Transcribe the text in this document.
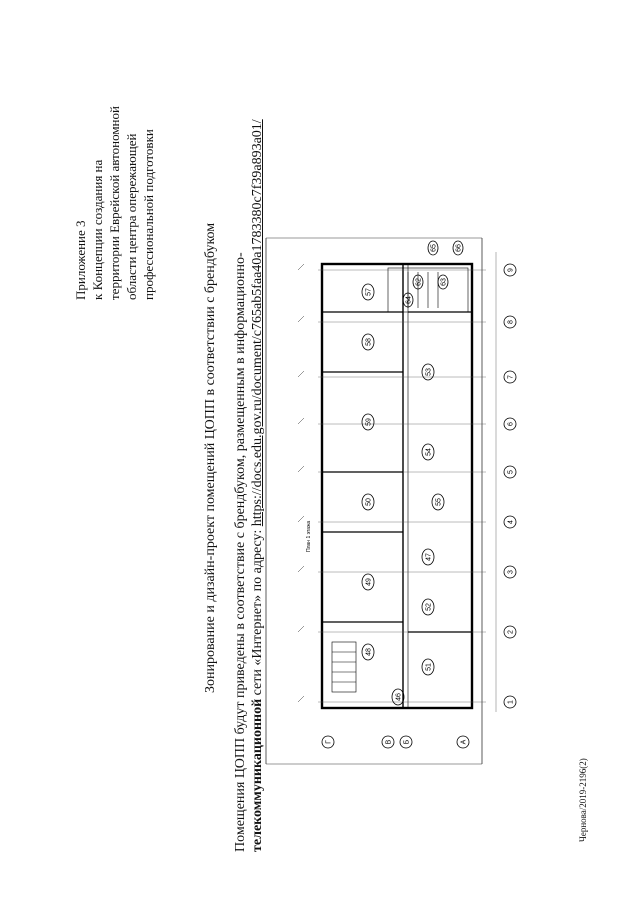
Приложение 3 к Концепции создания на территории Еврейской автономной области центра опережающей профессиональной подготовки
Зонирование и дизайн-проект помещений ЦОПП в соответствии с брендбуком Помещения ЦОПП будут приведены в соответствие с брендбуком, размещенным в информационно- телекоммуникационной сети «Интернет» по адресу: https://docs.edu.gov.ru/document/c765ab5faa40a1783380c7f39a893a01/
Чернова/2019-2196(2)
План 1 этажа
57
58
59
53
54
55
52
51
50
49
48
47
46
62	63
64
65	66
1
2
3
4
5
6
7
8
9
А
Б
В
Г
